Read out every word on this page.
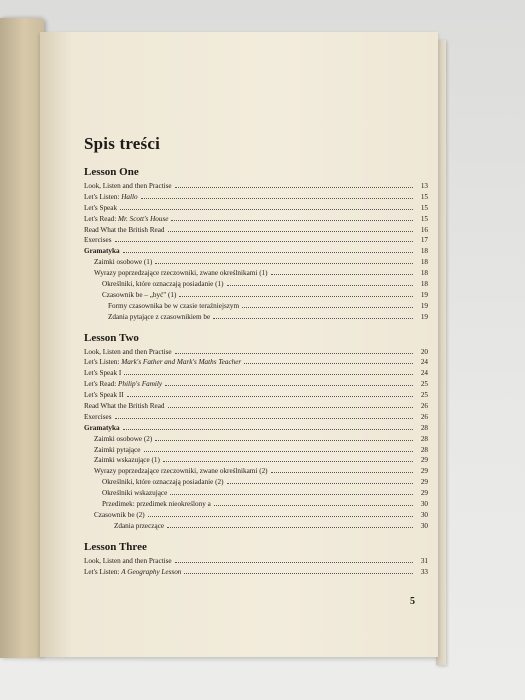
Spis treści
Lesson One
Look, Listen and then Practise	13
Let's Listen: Hallo	15
Let's Speak	15
Let's Read: Mr. Scott's House	15
Read What the British Read	16
Exercises	17
Gramatyka	18
Zaimki osobowe (1)	18
Wyrazy poprzedzające rzeczowniki, zwane określnikami (1)	18
Określniki, które oznaczają posiadanie (1)	18
Czasownik be – „być" (1)	19
Formy czasownika be w czasie teraźniejszym	19
Zdania pytające z czasownikiem be	19
Lesson Two
Look, Listen and then Practise	20
Let's Listen: Mark's Father and Mark's Maths Teacher	24
Let's Speak I	24
Let's Read: Philip's Family	25
Let's Speak II	25
Read What the British Read	26
Exercises	26
Gramatyka	28
Zaimki osobowe (2)	28
Zaimki pytające	28
Zaimki wskazujące (1)	29
Wyrazy poprzedzające rzeczowniki, zwane określnikami (2)	29
Określniki, które oznaczają posiadanie (2)	29
Określniki wskazujące	29
Przedimek: przedimek nieokreślony a	30
Czasownik be (2)	30
Zdania przeczące	30
Lesson Three
Look, Listen and then Practise	31
Let's Listen: A Geography Lesson	33
5
